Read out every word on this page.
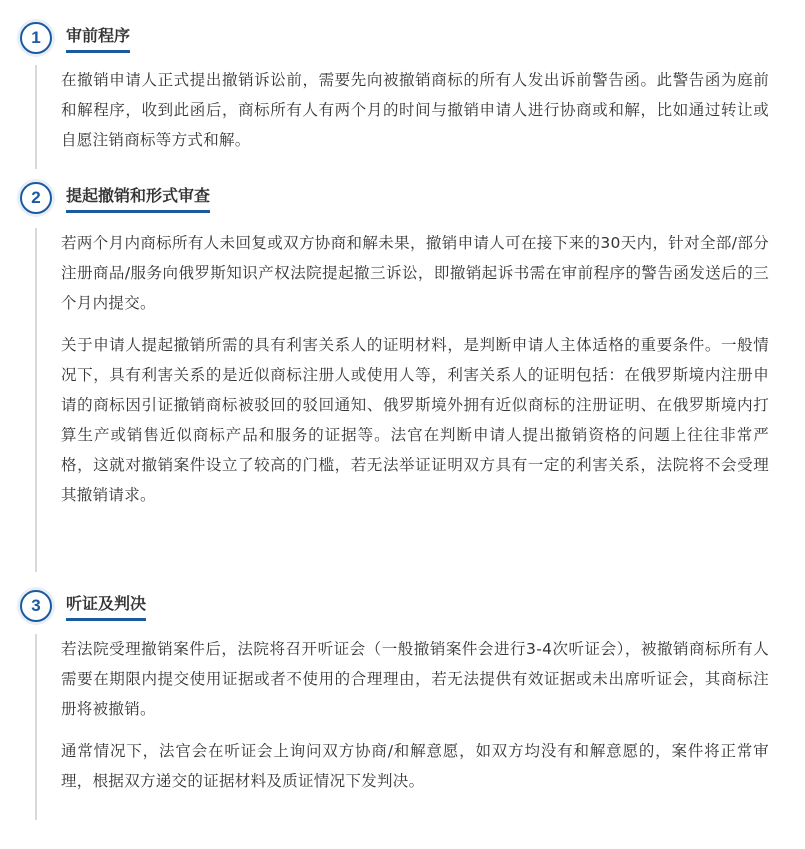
1	审前程序

在撤销申请人正式提出撤销诉讼前，需要先向被撤销商标的所有人发出诉前警告函。此警告函为庭前和解程序，收到此函后，商标所有人有两个月的时间与撤销申请人进行协商或和解，比如通过转让或自愿注销商标等方式和解。

2	提起撤销和形式审查

若两个月内商标所有人未回复或双方协商和解未果，撤销申请人可在接下来的30天内，针对全部/部分注册商品/服务向俄罗斯知识产权法院提起撤三诉讼，即撤销起诉书需在审前程序的警告函发送后的三个月内提交。

关于申请人提起撤销所需的具有利害关系人的证明材料，是判断申请人主体适格的重要条件。一般情况下，具有利害关系的是近似商标注册人或使用人等，利害关系人的证明包括：在俄罗斯境内注册申请的商标因引证撤销商标被驳回的驳回通知、俄罗斯境外拥有近似商标的注册证明、在俄罗斯境内打算生产或销售近似商标产品和服务的证据等。法官在判断申请人提出撤销资格的问题上往往非常严格，这就对撤销案件设立了较高的门槛，若无法举证证明双方具有一定的利害关系，法院将不会受理其撤销请求。

3	听证及判决

若法院受理撤销案件后，法院将召开听证会（一般撤销案件会进行3-4次听证会），被撤销商标所有人需要在期限内提交使用证据或者不使用的合理理由，若无法提供有效证据或未出席听证会，其商标注册将被撤销。

通常情况下，法官会在听证会上询问双方协商/和解意愿，如双方均没有和解意愿的，案件将正常审理，根据双方递交的证据材料及质证情况下发判决。
